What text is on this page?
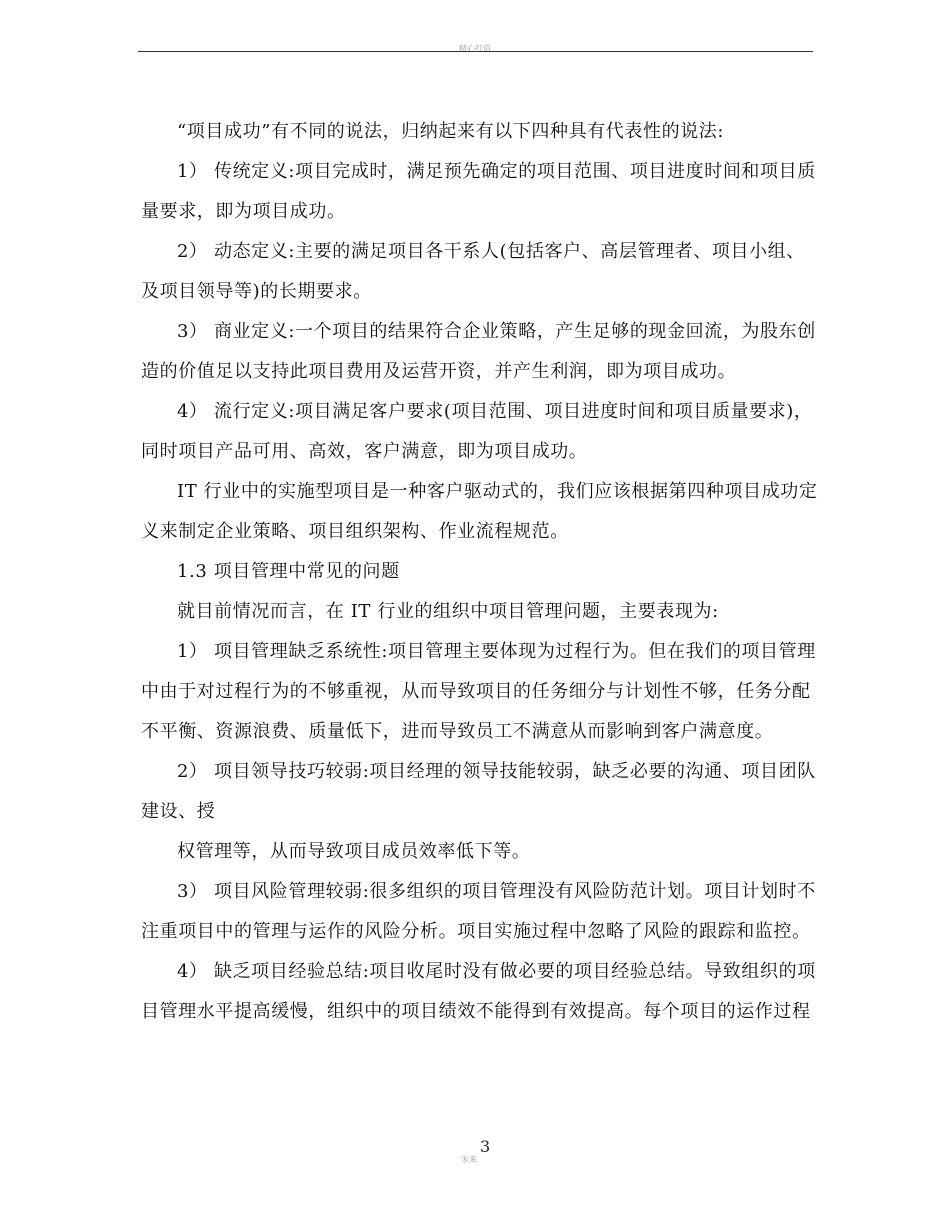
精心打造
“项目成功”有不同的说法，归纳起来有以下四种具有代表性的说法:
1） 传统定义:项目完成时，满足预先确定的项目范围、项目进度时间和项目质
量要求，即为项目成功。
2） 动态定义:主要的满足项目各干系人(包括客户、高层管理者、项目小组、
及项目领导等)的长期要求。
3） 商业定义:一个项目的结果符合企业策略，产生足够的现金回流，为股东创
造的价值足以支持此项目费用及运营开资，并产生利润，即为项目成功。
4） 流行定义:项目满足客户要求(项目范围、项目进度时间和项目质量要求)，
同时项目产品可用、高效，客户满意，即为项目成功。
IT 行业中的实施型项目是一种客户驱动式的，我们应该根据第四种项目成功定
义来制定企业策略、项目组织架构、作业流程规范。
1.3 项目管理中常见的问题
就目前情况而言，在 IT 行业的组织中项目管理问题，主要表现为:
1） 项目管理缺乏系统性:项目管理主要体现为过程行为。但在我们的项目管理
中由于对过程行为的不够重视，从而导致项目的任务细分与计划性不够，任务分配
不平衡、资源浪费、质量低下，进而导致员工不满意从而影响到客户满意度。
2） 项目领导技巧较弱:项目经理的领导技能较弱，缺乏必要的沟通、项目团队
建设、授
权管理等，从而导致项目成员效率低下等。
3） 项目风险管理较弱:很多组织的项目管理没有风险防范计划。项目计划时不
注重项目中的管理与运作的风险分析。项目实施过程中忽略了风险的跟踪和监控。
4） 缺乏项目经验总结:项目收尾时没有做必要的项目经验总结。导致组织的项
目管理水平提高缓慢，组织中的项目绩效不能得到有效提高。每个项目的运作过程
3
未来
